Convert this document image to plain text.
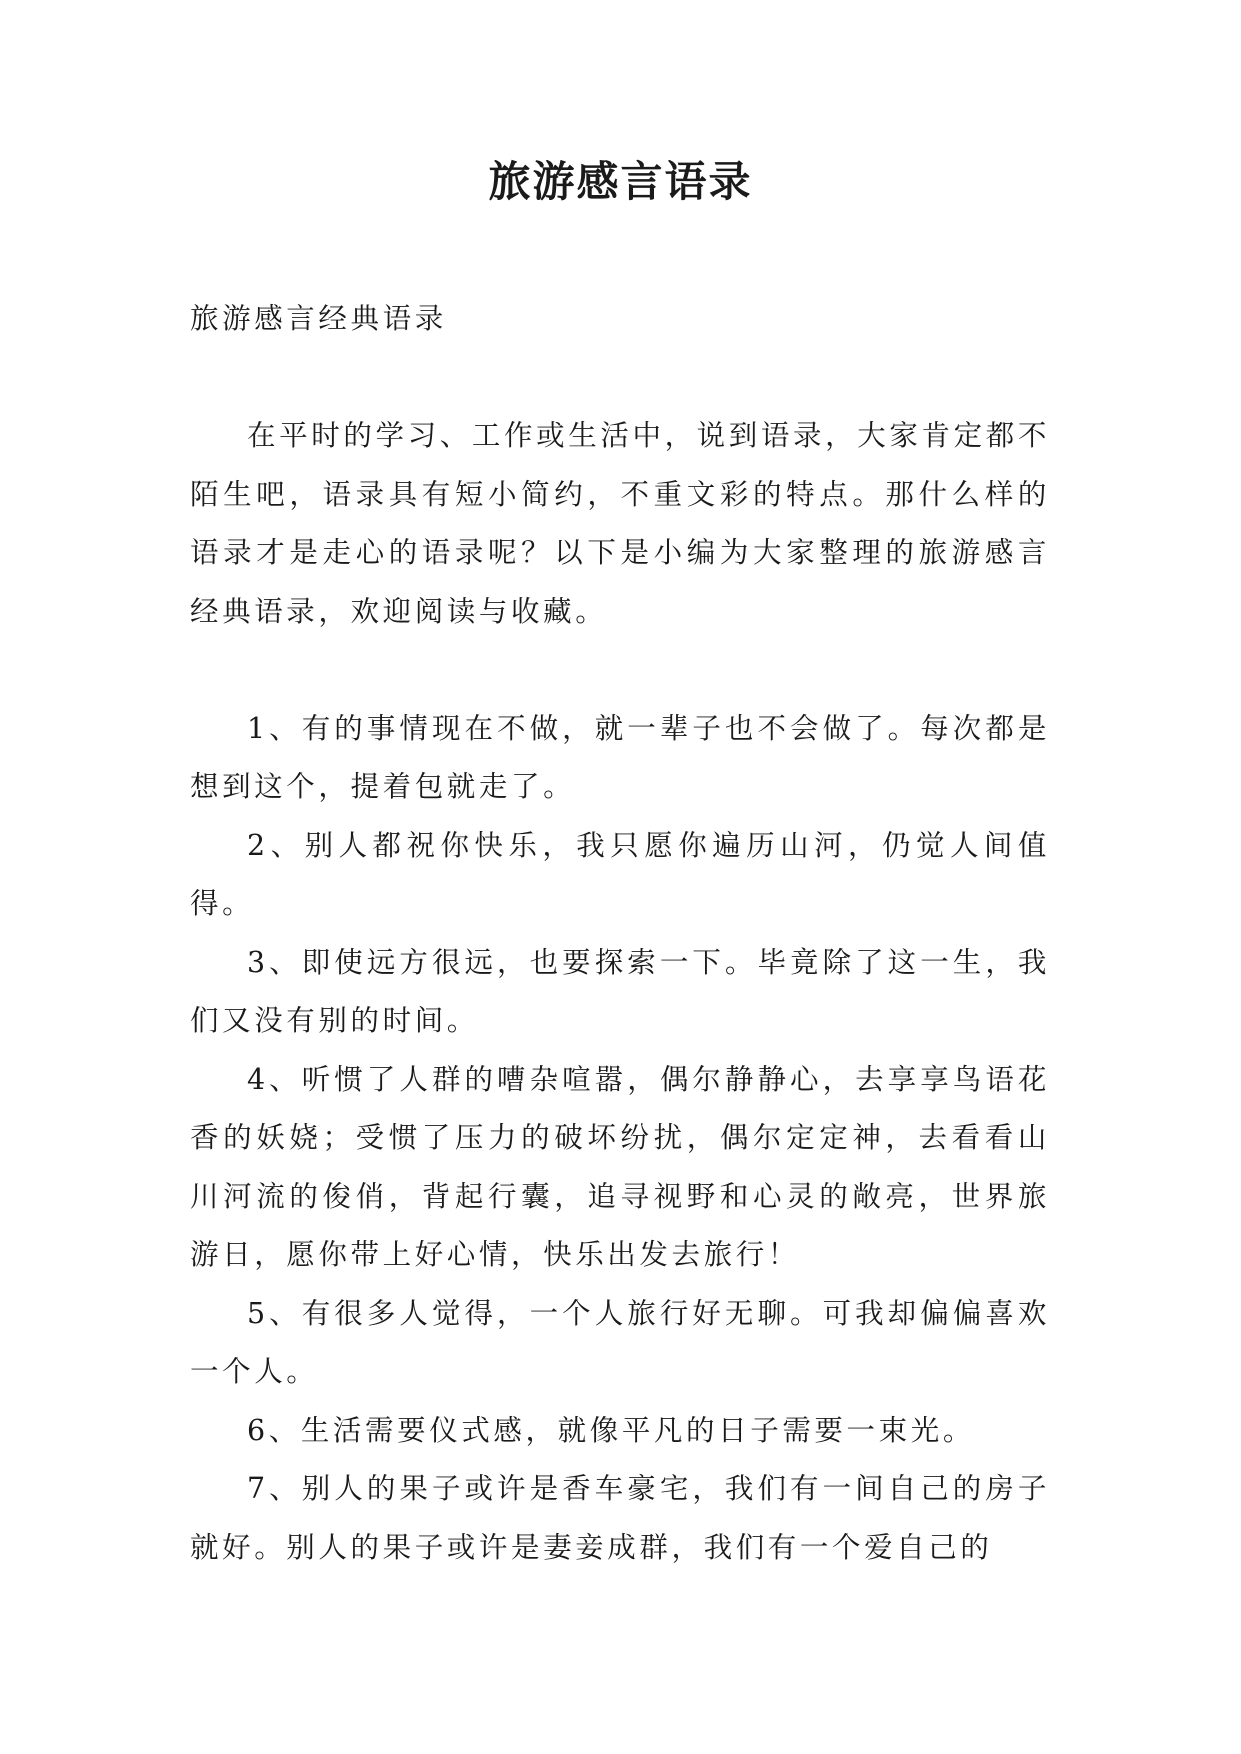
旅游感言语录

旅游感言经典语录

在平时的学习、工作或生活中，说到语录，大家肯定都不陌生吧，语录具有短小简约，不重文彩的特点。那什么样的语录才是走心的语录呢？以下是小编为大家整理的旅游感言经典语录，欢迎阅读与收藏。

1、有的事情现在不做，就一辈子也不会做了。每次都是想到这个，提着包就走了。

2、别人都祝你快乐，我只愿你遍历山河，仍觉人间值得。

3、即使远方很远，也要探索一下。毕竟除了这一生，我们又没有别的时间。

4、听惯了人群的嘈杂喧嚣，偶尔静静心，去享享鸟语花香的妖娆；受惯了压力的破坏纷扰，偶尔定定神，去看看山川河流的俊俏，背起行囊，追寻视野和心灵的敞亮，世界旅游日，愿你带上好心情，快乐出发去旅行！

5、有很多人觉得，一个人旅行好无聊。可我却偏偏喜欢一个人。

6、生活需要仪式感，就像平凡的日子需要一束光。

7、别人的果子或许是香车豪宅，我们有一间自己的房子就好。别人的果子或许是妻妾成群，我们有一个爱自己的
